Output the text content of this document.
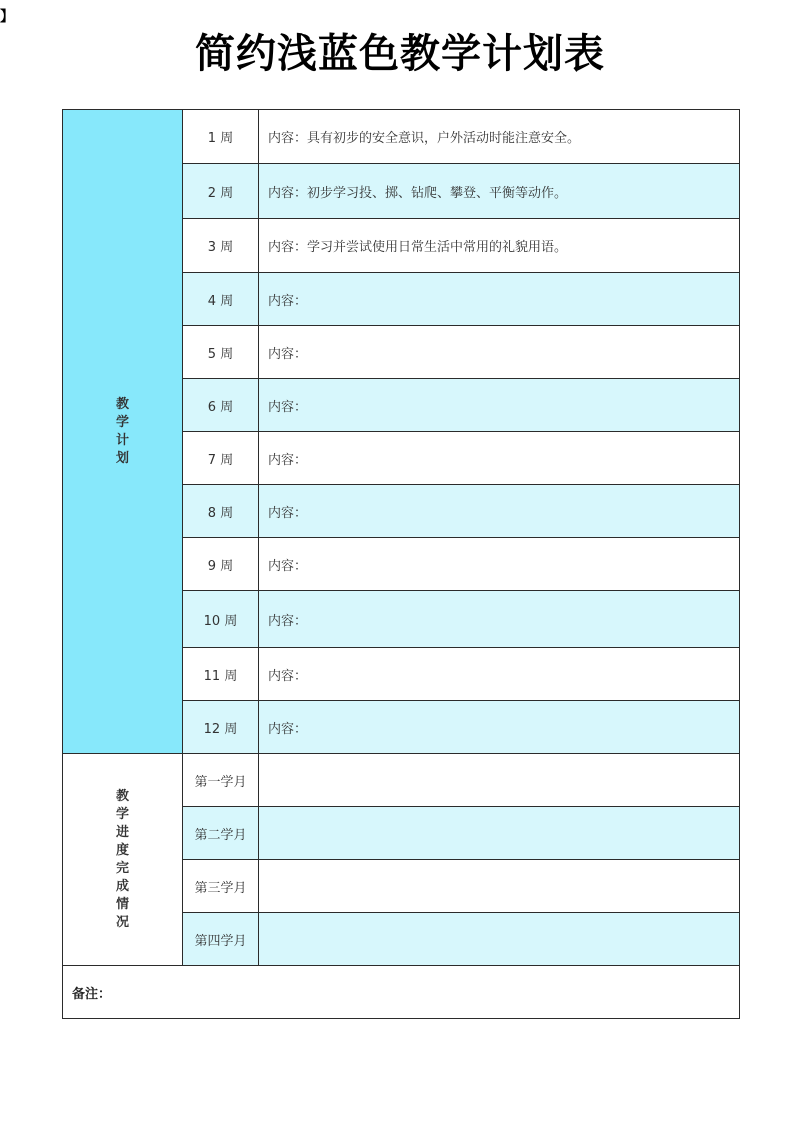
】
简约浅蓝色教学计划表
教学计划	1 周	内容：具有初步的安全意识，户外活动时能注意安全。
	2 周	内容：初步学习投、掷、钻爬、攀登、平衡等动作。
	3 周	内容：学习并尝试使用日常生活中常用的礼貌用语。
	4 周	内容：
	5 周	内容：
	6 周	内容：
	7 周	内容：
	8 周	内容：
	9 周	内容：
	10 周	内容：
	11 周	内容：
	12 周	内容：
教学进度完成情况	第一学月	
	第二学月	
	第三学月	
	第四学月	
备注：		
